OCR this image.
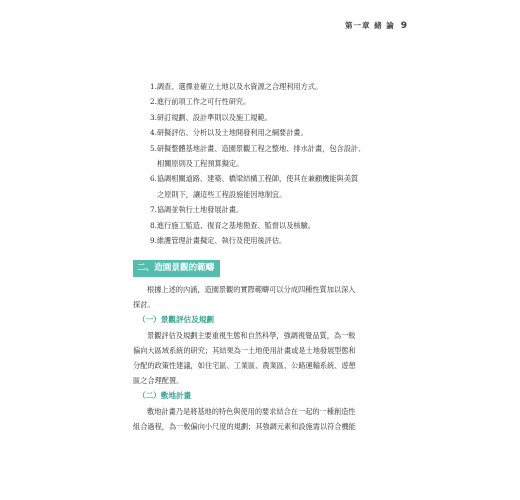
第一章 緒 論 9
1.調查、選擇並確立土地以及水資源之合理利用方式。
2.進行前項工作之可行性研究。
3.研訂規劃、設計準則以及施工規範。
4.研擬評估、分析以及土地開發利用之綱要計畫。
5.研擬整體基地計畫、造園景觀工程之整地、排水計畫，包含設計、
相關原則及工程預算擬定。
6.協調相關道路、建築、橋梁結構工程師，使其在兼顧機能與美質
之原則下，讓這些工程設施能因地制宜。
7.協調並執行土地發展計畫。
8.進行施工監造、復育之基地勘查、監督以及核驗。
9.維護管理計畫擬定、執行及使用後評估。
二、造園景觀的範疇

根據上述的內涵，造園景觀的實際範疇可以分成四種性質加以深入
探討。

（一）景觀評估及規劃

景觀評估及規劃主要重視生態和自然科學，強調視覺品質，為一較
偏向大區域系統的研究；其結果為一土地使用計畫或是土地發展型態和
分配的政策性建議，如住宅區、工業區、農業區、公路運輸系統、遊憩
區之合理配置。

（二）敷地計畫

敷地計畫乃是將基地的特色與使用的要求結合在一起的一種創造性
組合過程，為一較偏向小尺度的規劃；其強調元素和設施需以符合機能
